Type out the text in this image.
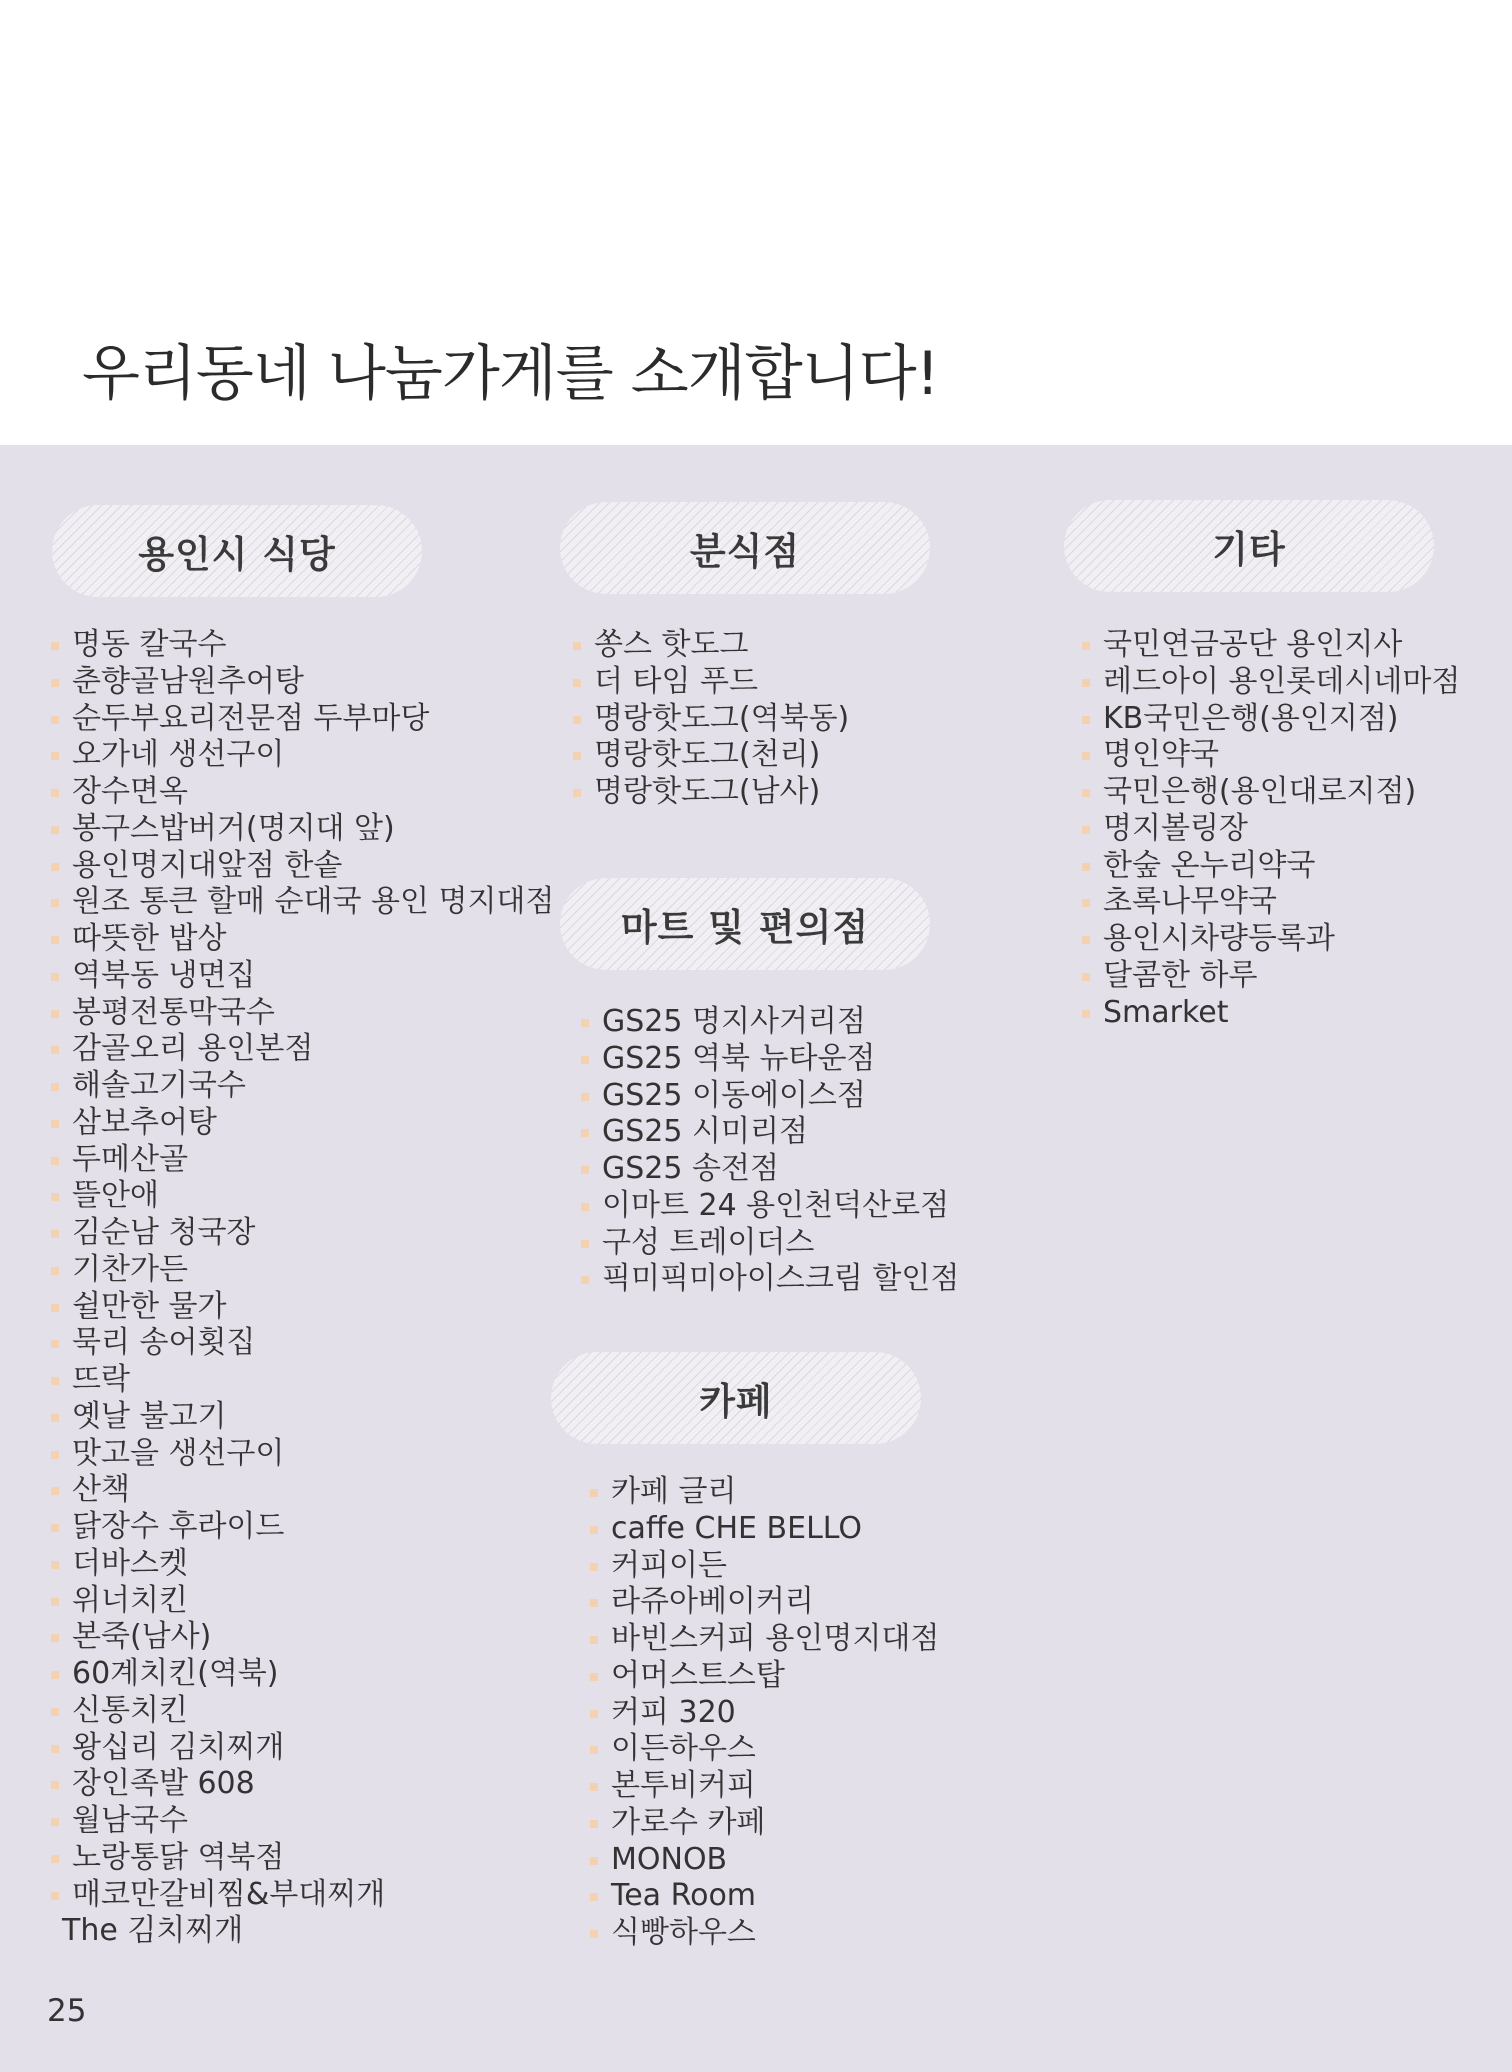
우리동네 나눔가게를 소개합니다!
용인시 식당
명동 칼국수
춘향골남원추어탕
순두부요리전문점 두부마당
오가네 생선구이
장수면옥
봉구스밥버거(명지대 앞)
용인명지대앞점 한솥
원조 통큰 할매 순대국 용인 명지대점
따뜻한 밥상
역북동 냉면집
봉평전통막국수
감골오리 용인본점
해솔고기국수
삼보추어탕
두메산골
뜰안애
김순남 청국장
기찬가든
쉴만한 물가
묵리 송어횟집
뜨락
옛날 불고기
맛고을 생선구이
산책
닭장수 후라이드
더바스켓
위너치킨
본죽(남사)
60계치킨(역북)
신통치킨
왕십리 김치찌개
장인족발 608
월남국수
노랑통닭 역북점
매코만갈비찜&부대찌개
The 김치찌개
분식점
쏭스 핫도그
더 타임 푸드
명랑핫도그(역북동)
명랑핫도그(천리)
명랑핫도그(남사)
마트 및 편의점
GS25 명지사거리점
GS25 역북 뉴타운점
GS25 이동에이스점
GS25 시미리점
GS25 송전점
이마트 24 용인천덕산로점
구성 트레이더스
픽미픽미아이스크림 할인점
카페
카페 글리
caffe CHE BELLO
커피이든
라쥬아베이커리
바빈스커피 용인명지대점
어머스트스탑
커피 320
이든하우스
본투비커피
가로수 카페
MONOB
Tea Room
식빵하우스
기타
국민연금공단 용인지사
레드아이 용인롯데시네마점
KB국민은행(용인지점)
명인약국
국민은행(용인대로지점)
명지볼링장
한숲 온누리약국
초록나무약국
용인시차량등록과
달콤한 하루
Smarket
25
